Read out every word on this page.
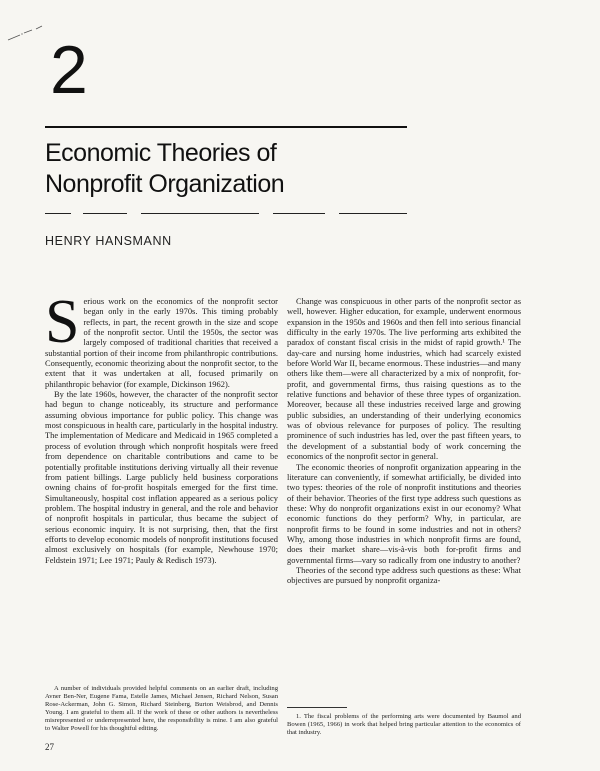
2
Economic Theories of
Nonprofit Organization
HENRY HANSMANN

Serious work on the economics of the nonprofit sector began only in the early 1970s. This timing probably reflects, in part, the recent growth in the size and scope of the nonprofit sector. Until the 1950s, the sector was largely composed of traditional charities that received a substantial portion of their income from philanthropic contributions. Consequently, economic theorizing about the nonprofit sector, to the extent that it was undertaken at all, focused primarily on philanthropic behavior (for example, Dickinson 1962).

By the late 1960s, however, the character of the nonprofit sector had begun to change noticeably, its structure and performance assuming obvious importance for public policy. This change was most conspicuous in health care, particularly in the hospital industry. The implementation of Medicare and Medicaid in 1965 completed a process of evolution through which nonprofit hospitals were freed from dependence on charitable contributions and came to be potentially profitable institutions deriving virtually all their revenue from patient billings. Large publicly held business corporations owning chains of for-profit hospitals emerged for the first time. Simultaneously, hospital cost inflation appeared as a serious policy problem. The hospital industry in general, and the role and behavior of nonprofit hospitals in particular, thus became the subject of serious economic inquiry. It is not surprising, then, that the first efforts to develop economic models of nonprofit institutions focused almost exclusively on hospitals (for example, Newhouse 1970; Feldstein 1971; Lee 1971; Pauly & Redisch 1973).

Change was conspicuous in other parts of the nonprofit sector as well, however. Higher education, for example, underwent enormous expansion in the 1950s and 1960s and then fell into serious financial difficulty in the early 1970s. The live performing arts exhibited the paradox of constant fiscal crisis in the midst of rapid growth.¹ The day-care and nursing home industries, which had scarcely existed before World War II, became enormous. These industries—and many others like them—were all characterized by a mix of nonprofit, for-profit, and governmental firms, thus raising questions as to the relative functions and behavior of these three types of organization. Moreover, because all these industries received large and growing public subsidies, an understanding of their underlying economics was of obvious relevance for purposes of policy. The resulting prominence of such industries has led, over the past fifteen years, to the development of a substantial body of work concerning the economics of the nonprofit sector in general.

The economic theories of nonprofit organization appearing in the literature can conveniently, if somewhat artificially, be divided into two types: theories of the role of nonprofit institutions and theories of their behavior. Theories of the first type address such questions as these: Why do nonprofit organizations exist in our economy? What economic functions do they perform? Why, in particular, are nonprofit firms to be found in some industries and not in others? Why, among those industries in which nonprofit firms are found, does their market share—vis-à-vis both for-profit firms and governmental firms—vary so radically from one industry to another?

Theories of the second type address such questions as these: What objectives are pursued by nonprofit organiza-

A number of individuals provided helpful comments on an earlier draft, including Avner Ben-Ner, Eugene Fama, Estelle James, Michael Jensen, Richard Nelson, Susan Rose-Ackerman, John G. Simon, Richard Steinberg, Burton Weisbrod, and Dennis Young. I am grateful to them all. If the work of these or other authors is nevertheless misrepresented or underrepresented here, the responsibility is mine. I am also grateful to Walter Powell for his thoughtful editing.
1. The fiscal problems of the performing arts were documented by Baumol and Bowen (1965, 1966) in work that helped bring particular attention to the economics of that industry.
27
